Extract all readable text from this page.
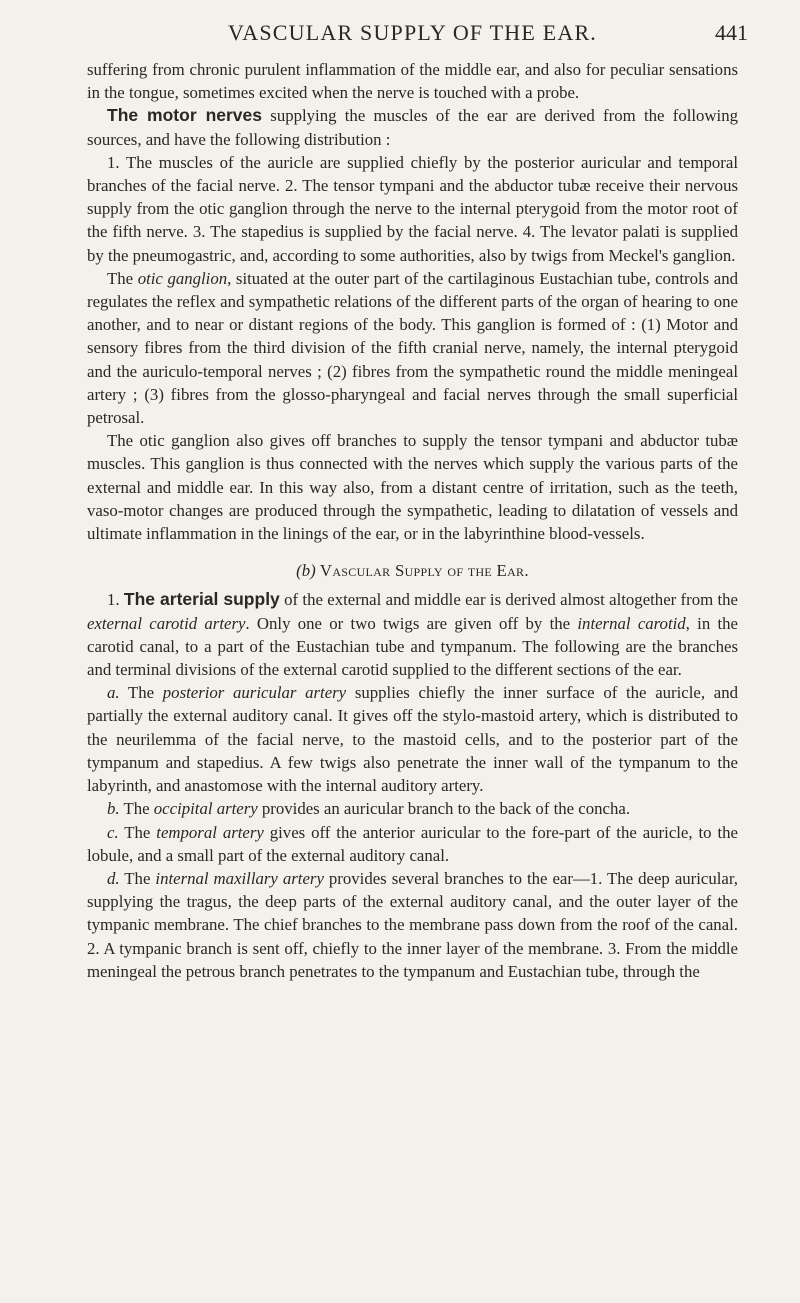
VASCULAR SUPPLY OF THE EAR.	441

suffering from chronic purulent inflammation of the middle ear, and also for peculiar sensations in the tongue, sometimes excited when the nerve is touched with a probe.

The motor nerves supplying the muscles of the ear are derived from the following sources, and have the following distribution :

1. The muscles of the auricle are supplied chiefly by the posterior auricular and temporal branches of the facial nerve. 2. The tensor tympani and the abductor tubæ receive their nervous supply from the otic ganglion through the nerve to the internal pterygoid from the motor root of the fifth nerve. 3. The stapedius is supplied by the facial nerve. 4. The levator palati is supplied by the pneumogastric, and, according to some authorities, also by twigs from Meckel's ganglion.

The otic ganglion, situated at the outer part of the cartilaginous Eustachian tube, controls and regulates the reflex and sympathetic relations of the different parts of the organ of hearing to one another, and to near or distant regions of the body. This ganglion is formed of : (1) Motor and sensory fibres from the third division of the fifth cranial nerve, namely, the internal pterygoid and the auriculo-temporal nerves ; (2) fibres from the sympathetic round the middle meningeal artery ; (3) fibres from the glosso-pharyngeal and facial nerves through the small superficial petrosal.

The otic ganglion also gives off branches to supply the tensor tympani and abductor tubæ muscles. This ganglion is thus connected with the nerves which supply the various parts of the external and middle ear. In this way also, from a distant centre of irritation, such as the teeth, vaso-motor changes are produced through the sympathetic, leading to dilatation of vessels and ultimate inflammation in the linings of the ear, or in the labyrinthine blood-vessels.

(b) Vascular Supply of the Ear.

1. The arterial supply of the external and middle ear is derived almost altogether from the external carotid artery. Only one or two twigs are given off by the internal carotid, in the carotid canal, to a part of the Eustachian tube and tympanum. The following are the branches and terminal divisions of the external carotid supplied to the different sections of the ear.

a. The posterior auricular artery supplies chiefly the inner surface of the auricle, and partially the external auditory canal. It gives off the stylo-mastoid artery, which is distributed to the neurilemma of the facial nerve, to the mastoid cells, and to the posterior part of the tympanum and stapedius. A few twigs also penetrate the inner wall of the tympanum to the labyrinth, and anastomose with the internal auditory artery.

b. The occipital artery provides an auricular branch to the back of the concha.

c. The temporal artery gives off the anterior auricular to the fore-part of the auricle, to the lobule, and a small part of the external auditory canal.

d. The internal maxillary artery provides several branches to the ear—1. The deep auricular, supplying the tragus, the deep parts of the external auditory canal, and the outer layer of the tympanic membrane. The chief branches to the membrane pass down from the roof of the canal. 2. A tympanic branch is sent off, chiefly to the inner layer of the membrane. 3. From the middle meningeal the petrous branch penetrates to the tympanum and Eustachian tube, through the
